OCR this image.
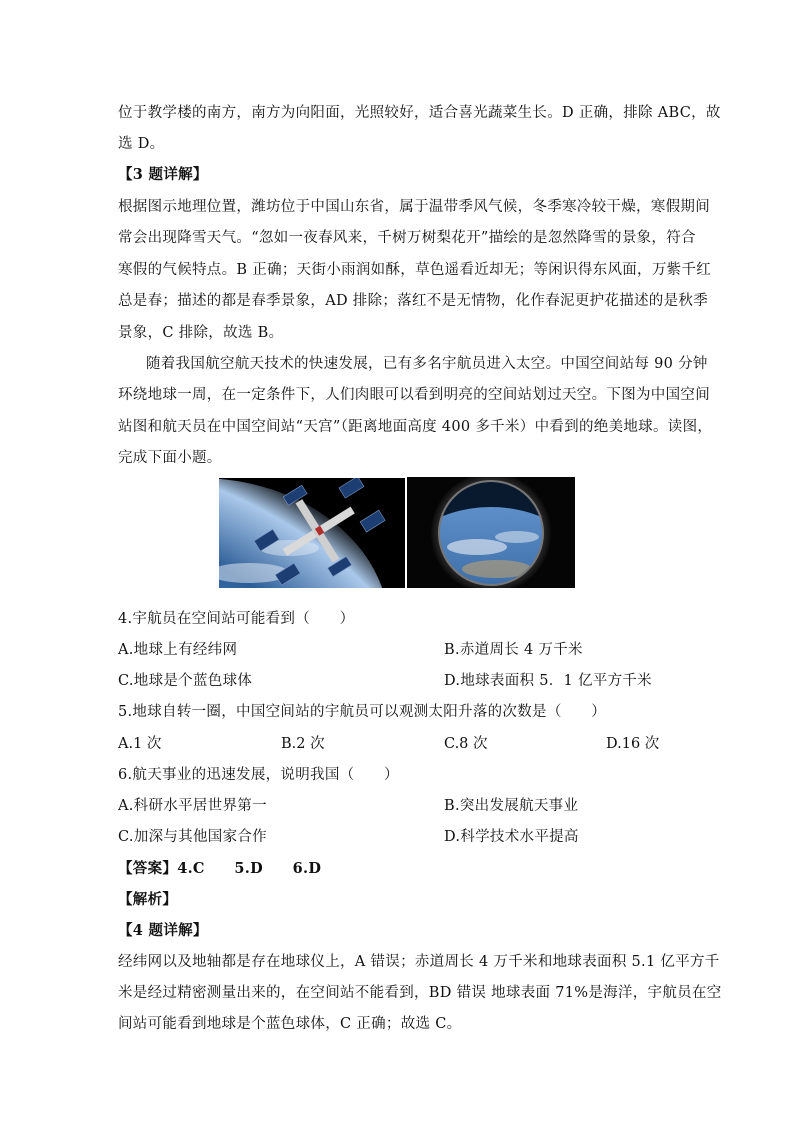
位于教学楼的南方，南方为向阳面，光照较好，适合喜光蔬菜生长。D 正确，排除 ABC，故
选 D。
【3 题详解】
根据图示地理位置，潍坊位于中国山东省，属于温带季风气候，冬季寒冷较干燥，寒假期间
常会出现降雪天气。“忽如一夜春风来，千树万树梨花开”描绘的是忽然降雪的景象，符合
寒假的气候特点。B 正确；天街小雨润如酥，草色遥看近却无；等闲识得东风面，万紫千红
总是春；描述的都是春季景象，AD 排除；落红不是无情物，化作春泥更护花描述的是秋季
景象，C 排除，故选 B。
随着我国航空航天技术的快速发展，已有多名宇航员进入太空。中国空间站每 90 分钟
环绕地球一周，在一定条件下，人们肉眼可以看到明亮的空间站划过天空。下图为中国空间
站图和航天员在中国空间站“天宫”（距离地面高度 400 多千米）中看到的绝美地球。读图，
完成下面小题。
4.宇航员在空间站可能看到（　　）
A.地球上有经纬网	B.赤道周长 4 万千米
C.地球是个蓝色球体	D.地球表面积 5．1 亿平方千米
5.地球自转一圈，中国空间站的宇航员可以观测太阳升落的次数是（　　）
A.1 次	B.2 次	C.8 次	D.16 次
6.航天事业的迅速发展，说明我国（　　）
A.科研水平居世界第一	B.突出发展航天事业
C.加深与其他国家合作	D.科学技术水平提高
【答案】4.C　　5.D　　6.D
【解析】
【4 题详解】
经纬网以及地轴都是存在地球仪上，A 错误；赤道周长 4 万千米和地球表面积 5.1 亿平方千
米是经过精密测量出来的，在空间站不能看到，BD 错误 地球表面 71%是海洋，宇航员在空
间站可能看到地球是个蓝色球体，C 正确；故选 C。
